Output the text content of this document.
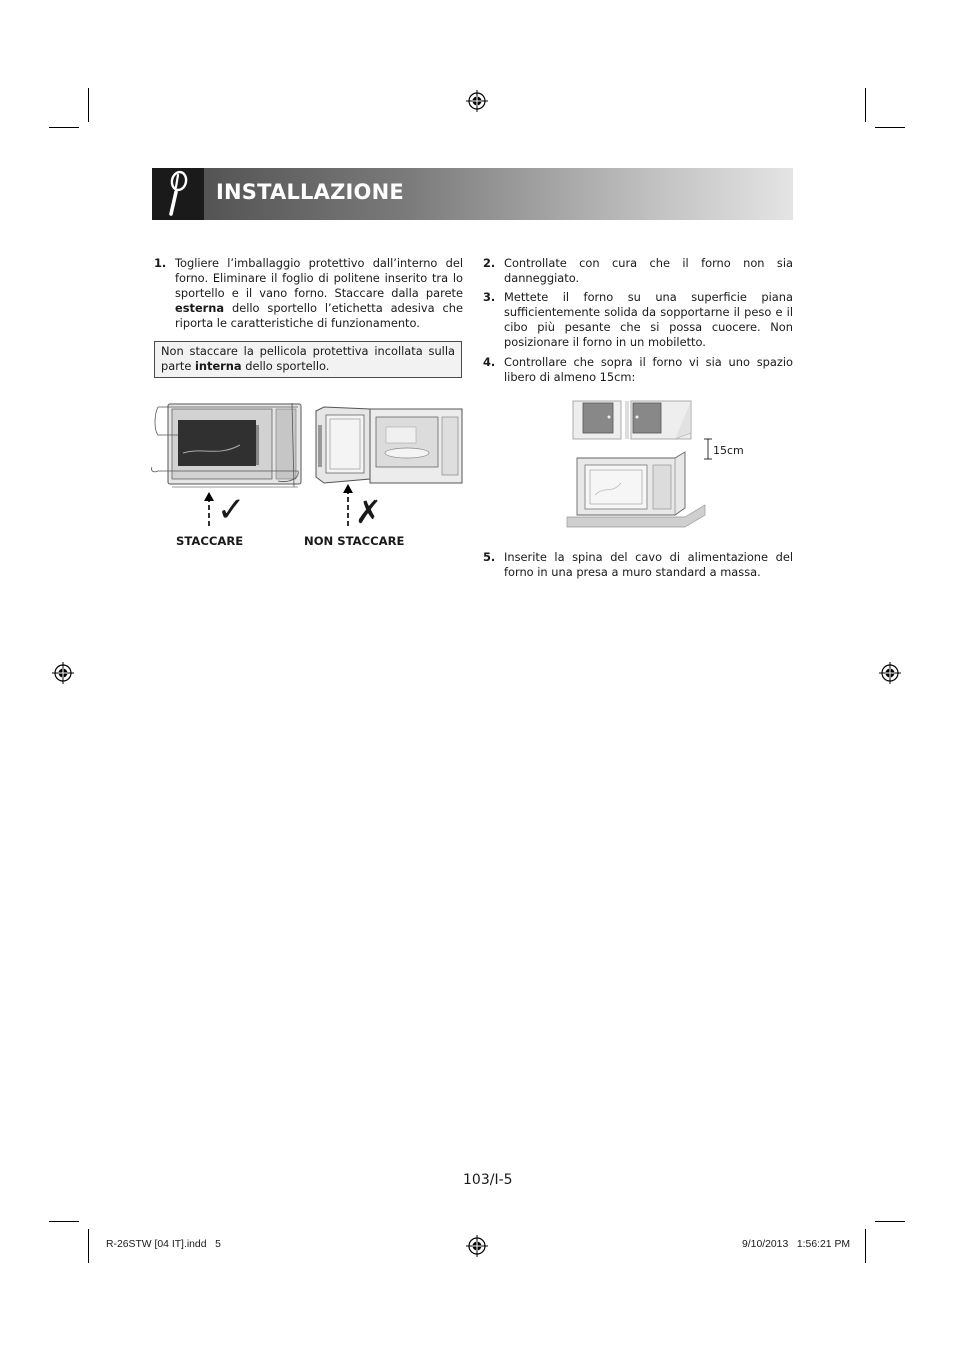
INSTALLAZIONE
1. Togliere l’imballaggio protettivo dall’interno del forno. Eliminare il foglio di politene inserito tra lo sportello e il vano forno. Staccare dalla parete esterna dello sportello l’etichetta adesiva che riporta le caratteristiche di funzionamento.
Non staccare la pellicola protettiva incollata sulla parte interna dello sportello.
✓	✗
STACCARE	NON STACCARE
2. Controllate con cura che il forno non sia danneggiato.
3. Mettete il forno su una superficie piana sufficientemente solida da sopportarne il peso e il cibo più pesante che si possa cuocere. Non posizionare il forno in un mobiletto.
4. Controllare che sopra il forno vi sia uno spazio libero di almeno 15cm:
15cm
5. Inserite la spina del cavo di alimentazione del forno in una presa a muro standard a massa.
103/I-5
R-26STW [04 IT].indd   5	9/10/2013   1:56:21 PM
